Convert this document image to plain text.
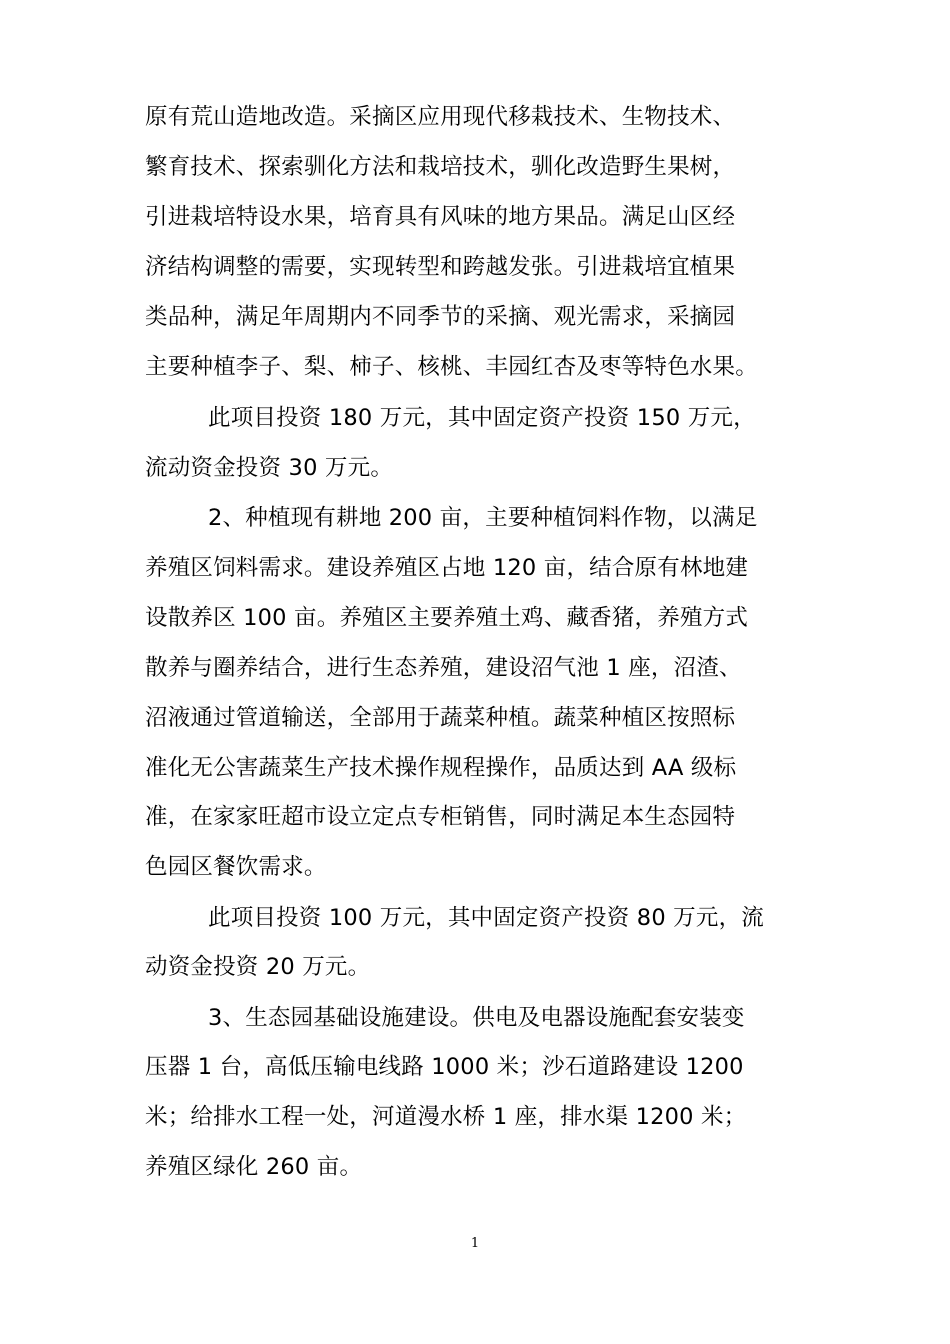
原有荒山造地改造。采摘区应用现代移栽技术、生物技术、
繁育技术、探索驯化方法和栽培技术，驯化改造野生果树，
引进栽培特设水果，培育具有风味的地方果品。满足山区经
济结构调整的需要，实现转型和跨越发张。引进栽培宜植果
类品种，满足年周期内不同季节的采摘、观光需求，采摘园
主要种植李子、梨、柿子、核桃、丰园红杏及枣等特色水果。
此项目投资 180 万元，其中固定资产投资 150 万元，
流动资金投资 30 万元。
2、种植现有耕地 200 亩，主要种植饲料作物，以满足
养殖区饲料需求。建设养殖区占地 120 亩，结合原有林地建
设散养区 100 亩。养殖区主要养殖土鸡、藏香猪，养殖方式
散养与圈养结合，进行生态养殖，建设沼气池 1 座，沼渣、
沼液通过管道输送，全部用于蔬菜种植。蔬菜种植区按照标
准化无公害蔬菜生产技术操作规程操作，品质达到 AA 级标
准，在家家旺超市设立定点专柜销售，同时满足本生态园特
色园区餐饮需求。
此项目投资 100 万元，其中固定资产投资 80 万元，流
动资金投资 20 万元。
3、生态园基础设施建设。供电及电器设施配套安装变
压器 1 台，高低压输电线路 1000 米；沙石道路建设 1200
米；给排水工程一处，河道漫水桥 1 座，排水渠 1200 米；
养殖区绿化 260 亩。
1
